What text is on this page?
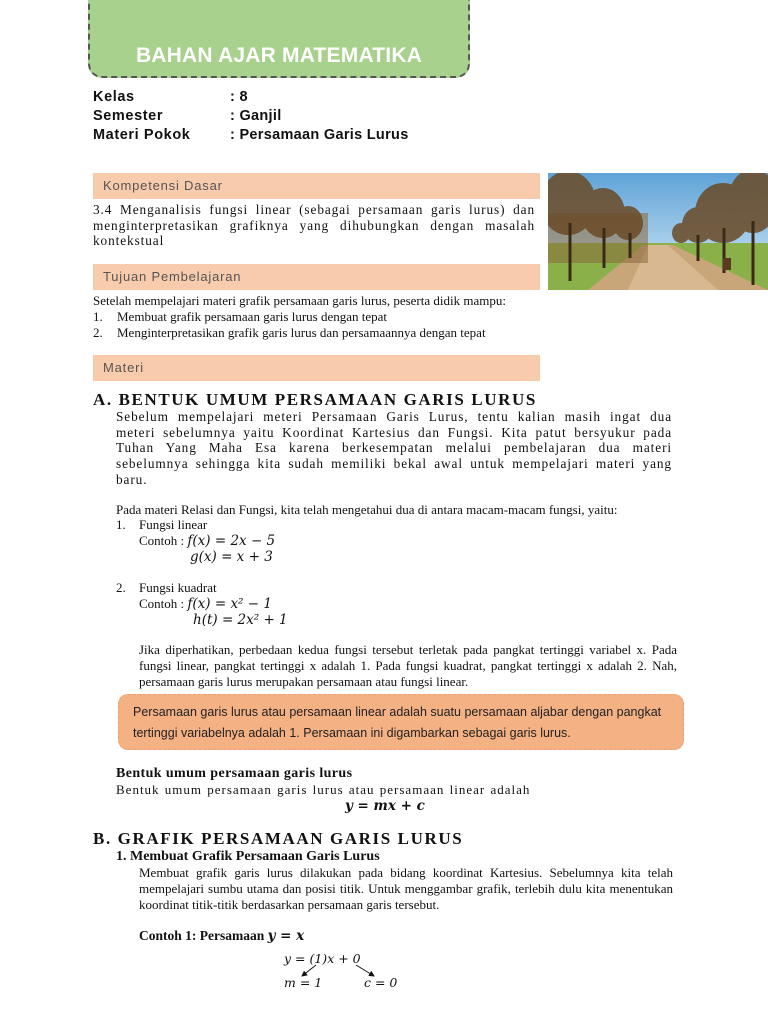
BAHAN AJAR MATEMATIKA
Kelas	: 8
Semester	: Ganjil
Materi Pokok	: Persamaan Garis Lurus
Kompetensi Dasar
3.4 Menganalisis fungsi linear (sebagai persamaan garis lurus) dan menginterpretasikan grafiknya yang dihubungkan dengan masalah kontekstual
Tujuan Pembelajaran
Setelah mempelajari materi grafik persamaan garis lurus, peserta didik mampu:
1. Membuat grafik persamaan garis lurus dengan tepat
2. Menginterpretasikan grafik garis lurus dan persamaannya dengan tepat
Materi
A. BENTUK UMUM PERSAMAAN GARIS LURUS
Sebelum mempelajari meteri Persamaan Garis Lurus, tentu kalian masih ingat dua meteri sebelumnya yaitu Koordinat Kartesius dan Fungsi. Kita patut bersyukur pada Tuhan Yang Maha Esa karena berkesempatan melalui pembelajaran dua materi sebelumnya sehingga kita sudah memiliki bekal awal untuk mempelajari materi yang baru.
Pada materi Relasi dan Fungsi, kita telah mengetahui dua di antara macam-macam fungsi, yaitu:
1. Fungsi linear
Contoh : f(x) = 2x − 5
g(x) = x + 3
2. Fungsi kuadrat
Contoh : f(x) = x² − 1
h(t) = 2x² + 1
Jika diperhatikan, perbedaan kedua fungsi tersebut terletak pada pangkat tertinggi variabel x. Pada fungsi linear, pangkat tertinggi x adalah 1. Pada fungsi kuadrat, pangkat tertinggi x adalah 2. Nah, persamaan garis lurus merupakan persamaan atau fungsi linear.
Persamaan garis lurus atau persamaan linear adalah suatu persamaan aljabar dengan pangkat tertinggi variabelnya adalah 1. Persamaan ini digambarkan sebagai garis lurus.
Bentuk umum persamaan garis lurus
Bentuk umum persamaan garis lurus atau persamaan linear adalah
y = mx + c
B. GRAFIK PERSAMAAN GARIS LURUS
1. Membuat Grafik Persamaan Garis Lurus
Membuat grafik garis lurus dilakukan pada bidang koordinat Kartesius. Sebelumnya kita telah mempelajari sumbu utama dan posisi titik. Untuk menggambar grafik, terlebih dulu kita menentukan koordinat titik-titik berdasarkan persamaan garis tersebut.
Contoh 1: Persamaan y = x
y = (1)x + 0
m = 1	c = 0
